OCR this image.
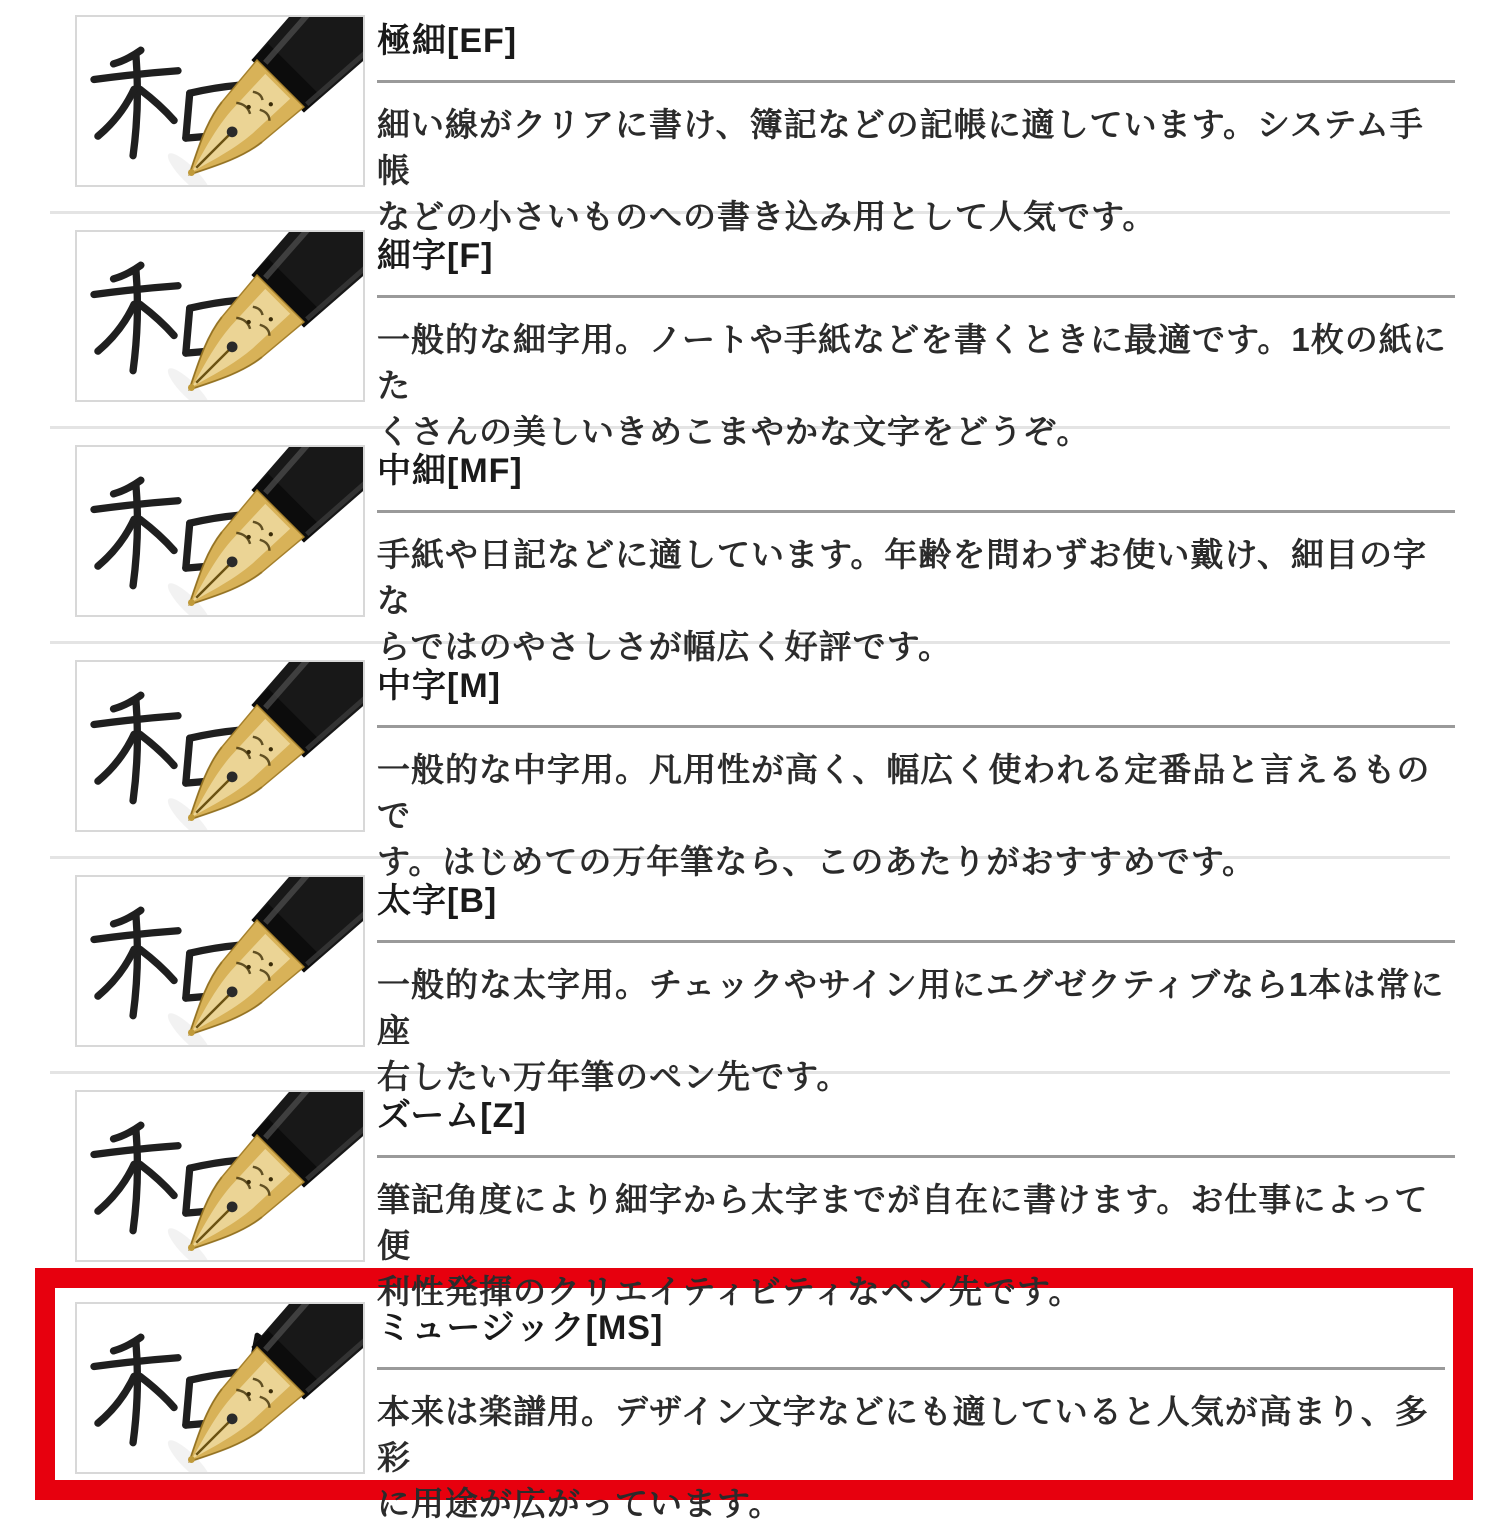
極細[EF]
細い線がクリアに書け、簿記などの記帳に適しています。システム手帳
などの小さいものへの書き込み用として人気です。
細字[F]
一般的な細字用。ノートや手紙などを書くときに最適です。1枚の紙にた
くさんの美しいきめこまやかな文字をどうぞ。
中細[MF]
手紙や日記などに適しています。年齢を問わずお使い戴け、細目の字な
らではのやさしさが幅広く好評です。
中字[M]
一般的な中字用。凡用性が高く、幅広く使われる定番品と言えるもので
す。はじめての万年筆なら、このあたりがおすすめです。
太字[B]
一般的な太字用。チェックやサイン用にエグゼクティブなら1本は常に座
右したい万年筆のペン先です。
ズーム[Z]
筆記角度により細字から太字までが自在に書けます。お仕事によって便
利性発揮のクリエイティビティなペン先です。
ミュージック[MS]
本来は楽譜用。デザイン文字などにも適していると人気が高まり、多彩
に用途が広がっています。
